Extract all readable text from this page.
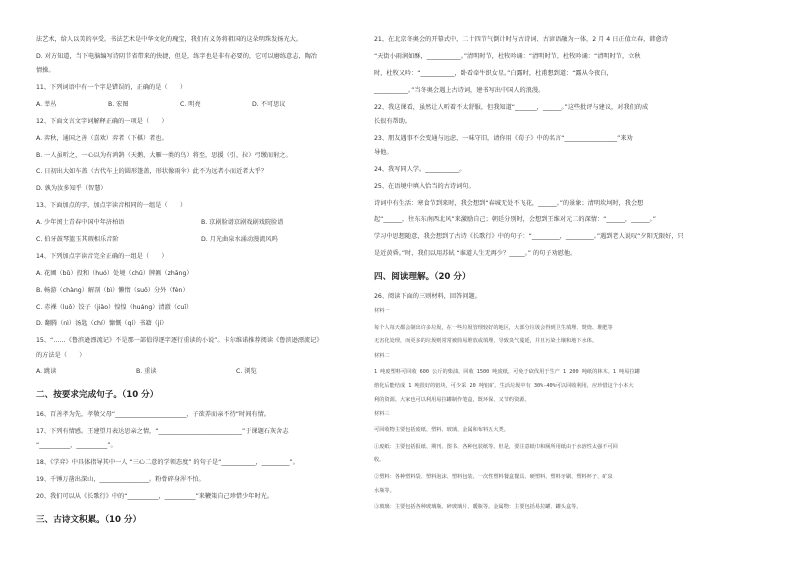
法艺术，给人以美的享受。书法艺术是中华文化的瑰宝，我们有义务将祖国的这朵明珠发扬光大。
D. 对方知道，当下电脑编写诗阴节省带来的快捷，但是，练字也是非有必要的，它可以磨练意志，陶冶
情操。
11、下列词语中有一个字是错误的，正确的是（　　）
A. 莘丛	B. 宏图	C. 明亮	D. 不可思议
12、下面文言文字词解释正确的一项是（　　）
A. 弈秋，通国之善（喜欢）弈者（下棋）者也。
B. 一人虽听之，一心以为有鸿鹄（天鹅、大雁一类的鸟）将至，思援（引，拉）弓缴而射之。
C. 日初出大如车盖（古代车上的圆形篷盖，形状像雨伞）此不为远者小而近者大乎？
D. 孰为汝多知乎（智慧）
13、下面加点的字，加点字读音相同的一组是（　　）
A. 少年闰土青春中国中年济柏语	B. 京剧脸谱京剧戏剧戏院脸谱
C. 伯牙鼓琴篮玉其瑕相乐音阶	D. 月光曲泉水涌动漫流风呜
14、下列加点字读音完全正确的一组是（　　）
A. 花圃（bǔ）投和（huó）处境（chǔ）牌匾（zhāng）
B. 畅游（chàng）解剖（bì）懒惰（suǒ）分外（fèn）
C. 赤裸（luǒ）饺子（jiǎo）惶惶（huáng）清澈（cuī）
D. 翻腾（nì）汤匙（chí）慷慨（qí）书籍（jí）
15、“……《鲁滨逊漂流记》不是那一部值得逐字逐行重读的小说”。卡尔维诺推荐阅读《鲁滨逊漂流记》
的方法是（　　）
A. 跳读	B. 重读	C. 浏览
二、按要求完成句子。（10 分）
16、百善孝为先，孝敬父母“_______________________，子欲养而亲不待”时间有情。
17、下列有情感。王建望月表达思亲之情，“___________________________”于课题石灰舍志
“__________，__________”。
18、《学弈》中具体指导其中一人 “三心二意的学领态度” 的句子是“___________，_________”。
19、千锤万凿出深山，________________。粉骨碎身浑不怕。
20、我们可以从《长歌行》中的“__________，__________”来鞭策自己珍惜少年时光。
三、古诗文积累。（10 分）
21、在北京冬奥会的开幕式中，二十四节气倒计时与古诗词、古谚语融为一体，2 月 4 日正值立春，韩愈诗
“天街小雨润如酥，___________。”清明时节，杜牧吟诵：“清明时节，杜牧吟诵：“清明时节，立秋
时，杜牧又吟：“___________，卧看牵牛织女星。”白露时，杜甫想到道：“露从今夜白，
___________。”当冬奥会遇上古诗词，建书写出中国人的浪漫。
22、我这课看，虽然让人听着不太舒服，但我知道“_______，______。”这些批评与建议，对我们的成
长很有帮助。
23、朋友遇事不会变通与远虑，一味守旧，请你用《荀子》中的名言“_________________”来劝
导他。
24、我写同人学。___________。
25、在语境中填入恰当的古诗词句。
诗词中有生活：寒食节到来时，我会想到“春城无处不飞花，______。”的景象；清明坎坷时，我会想
起“______，往东东南西北风”来激励自己；朝廷分别时，会想到王维对元二的深情：“______，______。”
学习中思想随意，我会想到了古诗《长歌行》中的句子：“_________，_________。”遇到老人说叹“夕阳无限好，只
是近黄昏。”时，我们以用苏轼 “谁道人生无再少？_____。” 的句子劝慰他。
四、阅读理解。（20 分）
26、阅读下面的三则材料，回答问题。
材料一
每个人每天都会制出许多垃圾，在一些垃圾管理较好的地区，大部分垃圾会得到卫生填埋、焚烧、堆肥等
无害化处理，而更多的垃圾则常常被简易堆放或填埋，导致臭气蔓延，并且污染土壤和地下水体。
材料二
1 吨废塑料可回收 600 公斤的柴油。回收 1500 吨废纸，可免于砍伐用于生产 1 200 吨纸的林木。1 吨易拉罐
熔化后能结成 1 吨很好的铝块，可少采 20 吨铝矿。生活垃圾中有 30%-40%可以回收利用，应珍惜这个小本大
利的资源。大家也可以利用易拉罐制作笔盒，既环保，又节约资源。
材料三
可回收物主要包括废纸、塑料、玻璃、金属和布料五大类。
①废纸：主要包括报纸、期刊、图书、各种包装纸等。但是，要注意纸巾和厕所用纸由于水溶性太强不可回
收。
②塑料：各种塑料袋、塑料泡沫、塑料包装、一次性塑料餐盒餐具、硬塑料、塑料牙刷、塑料杯子、矿泉
水瓶等。
③玻璃：主要包括各种玻璃瓶、碎玻璃片、暖瓶等。金属物：主要包括易拉罐、罐头盒等。
